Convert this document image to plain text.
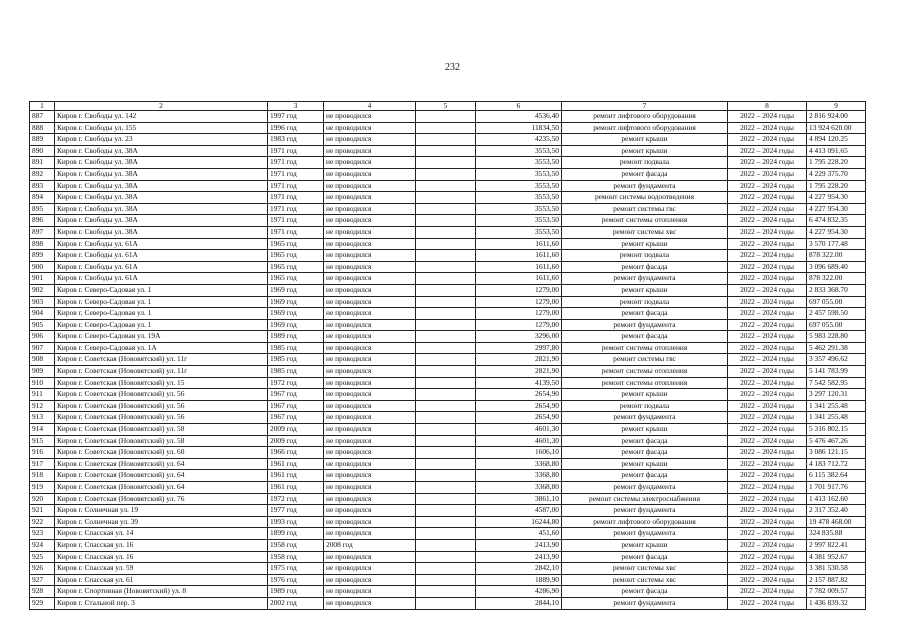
232
1	2	3	4	5	6	7	8	9
887	Киров г. Свободы ул. 142	1997 год	не проводился		4536,40	ремонт лифтового оборудования	2022 – 2024 годы	2 816 924.00
888	Киров г. Свободы ул. 155	1996 год	не проводился		11834,50	ремонт лифтового оборудования	2022 – 2024 годы	13 924 620.00
889	Киров г. Свободы ул. 23	1983 год	не проводился		4235,50	ремонт крыши	2022 – 2024 годы	4 894 120.25
890	Киров г. Свободы ул. 38А	1971 год	не проводился		3553,50	ремонт крыши	2022 – 2024 годы	4 413 091.65
891	Киров г. Свободы ул. 38А	1971 год	не проводился		3553,50	ремонт подвала	2022 – 2024 годы	1 795 228.20
892	Киров г. Свободы ул. 38А	1971 год	не проводился		3553,50	ремонт фасада	2022 – 2024 годы	4 229 375.70
893	Киров г. Свободы ул. 38А	1971 год	не проводился		3553,50	ремонт фундамента	2022 – 2024 годы	1 795 228.20
894	Киров г. Свободы ул. 38А	1971 год	не проводился		3553,50	ремонт системы водоотведения	2022 – 2024 годы	4 227 954.30
895	Киров г. Свободы ул. 38А	1971 год	не проводился		3553,50	ремонт системы гвс	2022 – 2024 годы	4 227 954.30
896	Киров г. Свободы ул. 38А	1971 год	не проводился		3553,50	ремонт системы отопления	2022 – 2024 годы	6 474 832.35
897	Киров г. Свободы ул. 38А	1971 год	не проводился		3553,50	ремонт системы хвс	2022 – 2024 годы	4 227 954.30
898	Киров г. Свободы ул. 61А	1965 год	не проводился		1611,60	ремонт крыши	2022 – 2024 годы	3 570 177.48
899	Киров г. Свободы ул. 61А	1965 год	не проводился		1611,60	ремонт подвала	2022 – 2024 годы	878 322.00
900	Киров г. Свободы ул. 61А	1965 год	не проводился		1611,60	ремонт фасада	2022 – 2024 годы	3 096 689.40
901	Киров г. Свободы ул. 61А	1965 год	не проводился		1611,60	ремонт фундамента	2022 – 2024 годы	878 322.00
902	Киров г. Северо-Садовая ул. 1	1969 год	не проводился		1279,00	ремонт крыши	2022 – 2024 годы	2 833 368.70
903	Киров г. Северо-Садовая ул. 1	1969 год	не проводился		1279,00	ремонт подвала	2022 – 2024 годы	697 055.00
904	Киров г. Северо-Садовая ул. 1	1969 год	не проводился		1279,00	ремонт фасада	2022 – 2024 годы	2 457 598.50
905	Киров г. Северо-Садовая ул. 1	1969 год	не проводился		1279,00	ремонт фундамента	2022 – 2024 годы	697 055.00
906	Киров г. Северо-Садовая ул. 19А	1989 год	не проводился		3296,00	ремонт фасада	2022 – 2024 годы	5 983 228.80
907	Киров г. Северо-Садовая ул. 1А	1985 год	не проводился		2997,80	ремонт системы отопления	2022 – 2024 годы	5 462 291.38
908	Киров г. Советская (Нововятский) ул. 11г	1985 год	не проводился		2821,90	ремонт системы гвс	2022 – 2024 годы	3 357 496.62
909	Киров г. Советская (Нововятский) ул. 11г	1985 год	не проводился		2821,90	ремонт системы отопления	2022 – 2024 годы	5 141 783.99
910	Киров г. Советская (Нововятский) ул. 15	1972 год	не проводился		4139,50	ремонт системы отопления	2022 – 2024 годы	7 542 582.95
911	Киров г. Советская (Нововятский) ул. 56	1967 год	не проводился		2654,90	ремонт крыши	2022 – 2024 годы	3 297 120.31
912	Киров г. Советская (Нововятский) ул. 56	1967 год	не проводился		2654,90	ремонт подвала	2022 – 2024 годы	1 341 255.48
913	Киров г. Советская (Нововятский) ул. 56	1967 год	не проводился		2654,90	ремонт фундамента	2022 – 2024 годы	1 341 255.48
914	Киров г. Советская (Нововятский) ул. 58	2009 год	не проводился		4601,30	ремонт крыши	2022 – 2024 годы	5 316 802.15
915	Киров г. Советская (Нововятский) ул. 58	2009 год	не проводился		4601,30	ремонт фасада	2022 – 2024 годы	5 476 467.26
916	Киров г. Советская (Нововятский) ул. 60	1966 год	не проводился		1606,10	ремонт фасада	2022 – 2024 годы	3 086 121.15
917	Киров г. Советская (Нововятский) ул. 64	1961 год	не проводился		3368,80	ремонт крыши	2022 – 2024 годы	4 183 712.72
918	Киров г. Советская (Нововятский) ул. 64	1961 год	не проводился		3368,80	ремонт фасада	2022 – 2024 годы	6 115 382.64
919	Киров г. Советская (Нововятский) ул. 64	1961 год	не проводился		3368,80	ремонт фундамента	2022 – 2024 годы	1 701 917.76
920	Киров г. Советская (Нововятский) ул. 76	1972 год	не проводился		3861,10	ремонт системы электроснабжения	2022 – 2024 годы	1 413 162.60
921	Киров г. Солнечная ул. 19	1977 год	не проводился		4587,00	ремонт фундамента	2022 – 2024 годы	2 317 352.40
922	Киров г. Солнечная ул. 39	1993 год	не проводился		16244,80	ремонт лифтового оборудования	2022 – 2024 годы	19 478 468.00
923	Киров г. Спасская ул. 14	1899 год	не проводился		451,60	ремонт фундамента	2022 – 2024 годы	324 835.88
924	Киров г. Спасская ул. 16	1958 год	2008 год		2413,90	ремонт крыши	2022 – 2024 годы	2 997 822.41
925	Киров г. Спасская ул. 16	1958 год	не проводился		2413,90	ремонт фасада	2022 – 2024 годы	4 381 952.67
926	Киров г. Спасская ул. 59	1975 год	не проводился		2842,10	ремонт системы хвс	2022 – 2024 годы	3 381 530.58
927	Киров г. Спасская ул. 61	1976 год	не проводился		1889,90	ремонт системы хвс	2022 – 2024 годы	2 157 887.82
928	Киров г. Спортивная (Нововятский) ул. 8	1989 год	не проводился		4286,90	ремонт фасада	2022 – 2024 годы	7 782 009.57
929	Киров г. Стальной пер. 3	2002 год	не проводился		2844,10	ремонт фундамента	2022 – 2024 годы	1 436 839.32
